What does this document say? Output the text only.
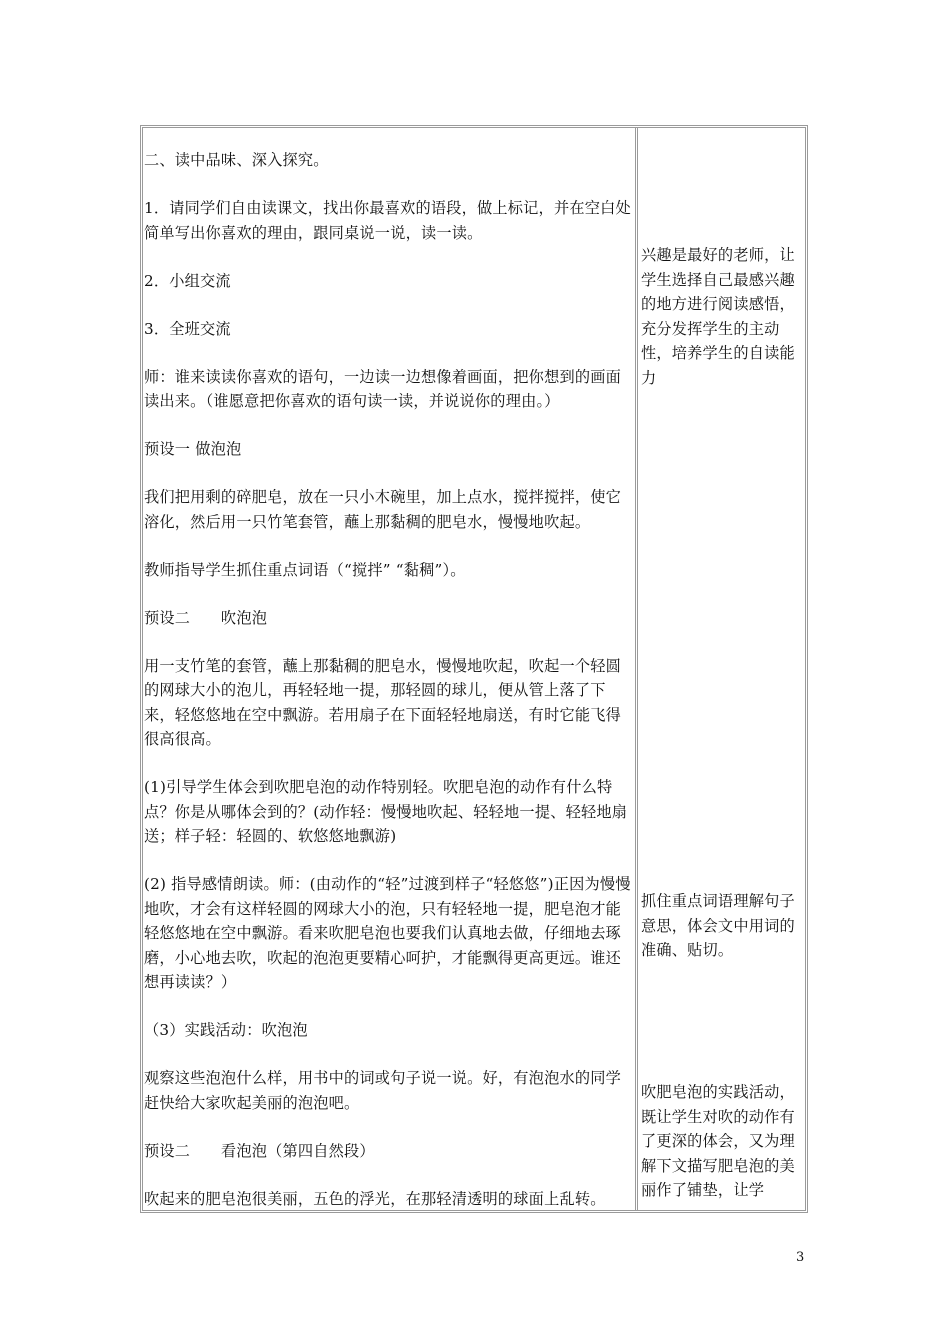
二、读中品味、深入探究。

1．请同学们自由读课文，找出你最喜欢的语段，做上标记，并在空白处简单写出你喜欢的理由，跟同桌说一说，读一读。

2．小组交流

3．全班交流

师：谁来读读你喜欢的语句，一边读一边想像着画面，把你想到的画面读出来。（谁愿意把你喜欢的语句读一读，并说说你的理由。）

预设一 做泡泡

我们把用剩的碎肥皂，放在一只小木碗里，加上点水，搅拌搅拌，使它溶化，然后用一只竹笔套管，蘸上那黏稠的肥皂水，慢慢地吹起。

教师指导学生抓住重点词语（“搅拌” “黏稠”）。

预设二　　吹泡泡

用一支竹笔的套管，蘸上那黏稠的肥皂水，慢慢地吹起，吹起一个轻圆的网球大小的泡儿，再轻轻地一提，那轻圆的球儿，便从管上落了下来，轻悠悠地在空中飘游。若用扇子在下面轻轻地扇送，有时它能飞得很高很高。

(1)引导学生体会到吹肥皂泡的动作特别轻。吹肥皂泡的动作有什么特点？你是从哪体会到的？(动作轻：慢慢地吹起、轻轻地一提、轻轻地扇送；样子轻：轻圆的、软悠悠地飘游)

(2) 指导感情朗读。师：(由动作的“轻”过渡到样子“轻悠悠”)正因为慢慢地吹，才会有这样轻圆的网球大小的泡，只有轻轻地一提，肥皂泡才能轻悠悠地在空中飘游。看来吹肥皂泡也要我们认真地去做，仔细地去琢磨，小心地去吹，吹起的泡泡更要精心呵护，才能飘得更高更远。谁还想再读读？）

（3）实践活动：吹泡泡

观察这些泡泡什么样，用书中的词或句子说一说。好，有泡泡水的同学赶快给大家吹起美丽的泡泡吧。

预设二　　看泡泡（第四自然段）

吹起来的肥皂泡很美丽，五色的浮光，在那轻清透明的球面上乱转。

兴趣是最好的老师，让学生选择自己最感兴趣的地方进行阅读感悟，充分发挥学生的主动性，培养学生的自读能力

抓住重点词语理解句子意思，体会文中用词的准确、贴切。

吹肥皂泡的实践活动，既让学生对吹的动作有了更深的体会，又为理解下文描写肥皂泡的美丽作了铺垫，让学

3
